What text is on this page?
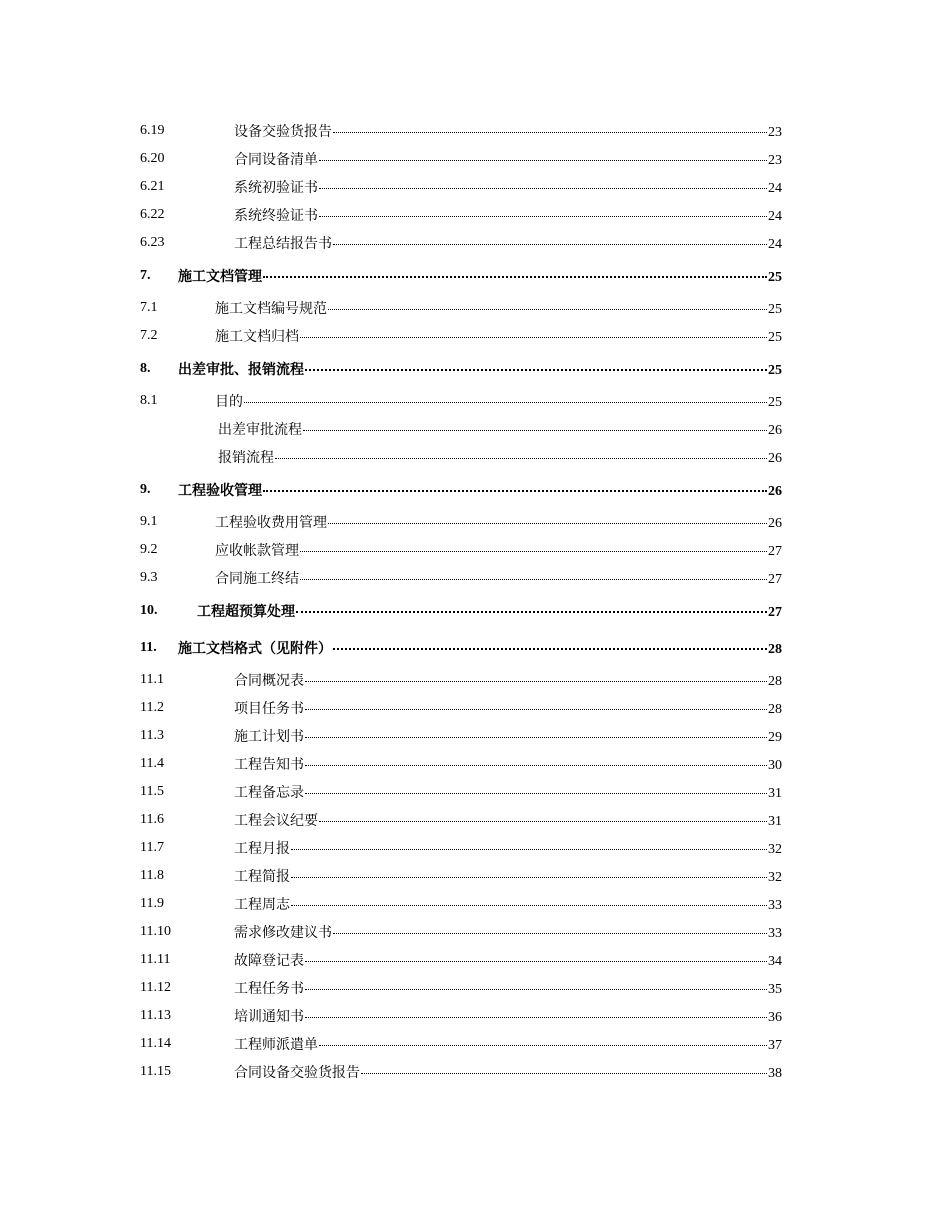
6.19	设备交验货报告	23
6.20	合同设备清单	23
6.21	系统初验证书	24
6.22	系统终验证书	24
6.23	工程总结报告书	24
7. 施工文档管理	25
7.1	施工文档编号规范	25
7.2	施工文档归档	25
8. 出差审批、报销流程	25
8.1	目的	25
出差审批流程	26
报销流程	26
9. 工程验收管理	26
9.1	工程验收费用管理	26
9.2	应收帐款管理	27
9.3	合同施工终结	27
10.	工程超预算处理	27
11. 施工文档格式（见附件）	28
11.1	合同概况表	28
11.2	项目任务书	28
11.3	施工计划书	29
11.4	工程告知书	30
11.5	工程备忘录	31
11.6	工程会议纪要	31
11.7	工程月报	32
11.8	工程简报	32
11.9	工程周志	33
11.10	需求修改建议书	33
11.11	故障登记表	34
11.12	工程任务书	35
11.13	培训通知书	36
11.14	工程师派遣单	37
11.15	合同设备交验货报告	38
